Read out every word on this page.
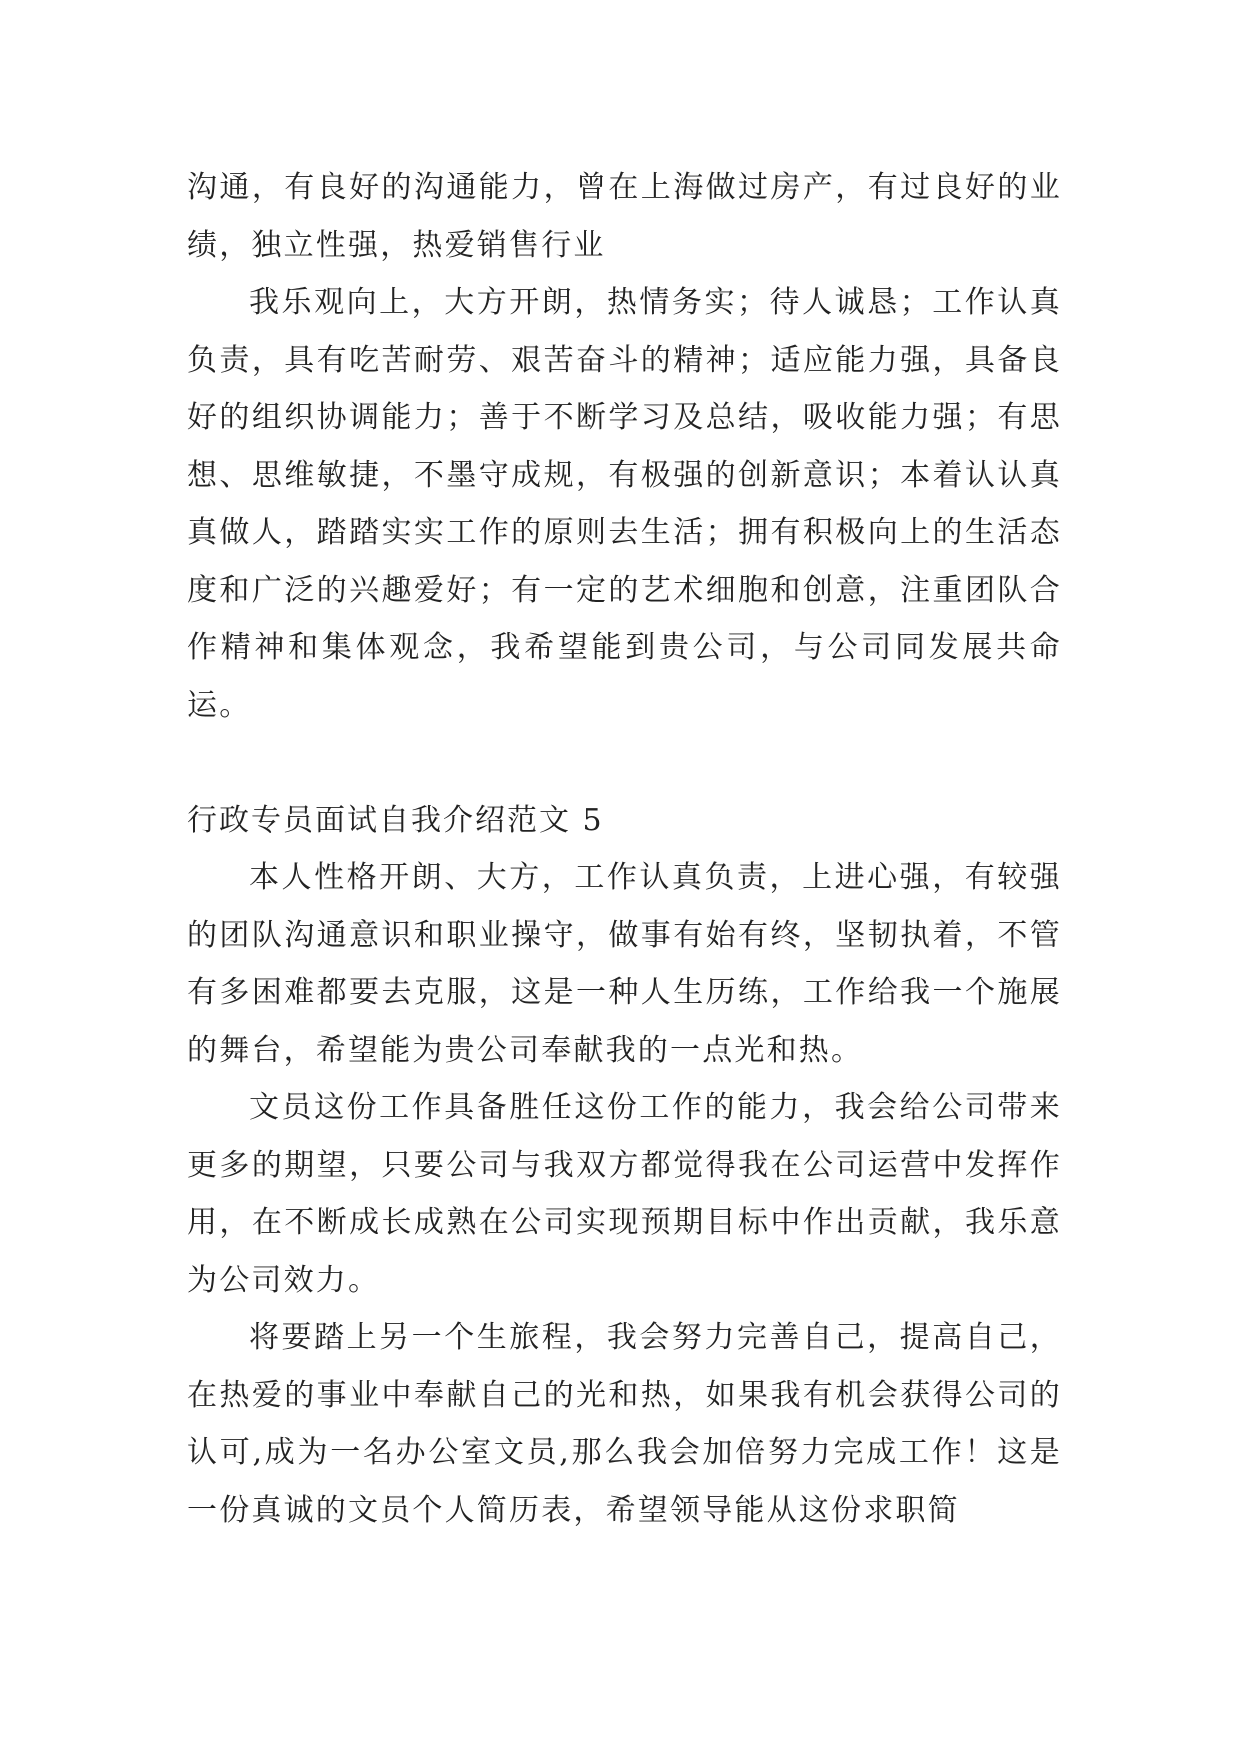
沟通，有良好的沟通能力，曾在上海做过房产，有过良好的业绩，独立性强，热爱销售行业

我乐观向上，大方开朗，热情务实；待人诚恳；工作认真负责，具有吃苦耐劳、艰苦奋斗的精神；适应能力强，具备良好的组织协调能力；善于不断学习及总结，吸收能力强；有思想、思维敏捷，不墨守成规，有极强的创新意识；本着认认真真做人，踏踏实实工作的原则去生活；拥有积极向上的生活态度和广泛的兴趣爱好；有一定的艺术细胞和创意，注重团队合作精神和集体观念，我希望能到贵公司，与公司同发展共命运。

行政专员面试自我介绍范文 5

本人性格开朗、大方，工作认真负责，上进心强，有较强的团队沟通意识和职业操守，做事有始有终，坚韧执着，不管有多困难都要去克服，这是一种人生历练，工作给我一个施展的舞台，希望能为贵公司奉献我的一点光和热。

文员这份工作具备胜任这份工作的能力，我会给公司带来更多的期望，只要公司与我双方都觉得我在公司运营中发挥作用，在不断成长成熟在公司实现预期目标中作出贡献，我乐意为公司效力。

将要踏上另一个生旅程，我会努力完善自己，提高自己，在热爱的事业中奉献自己的光和热，如果我有机会获得公司的认可,成为一名办公室文员,那么我会加倍努力完成工作！这是一份真诚的文员个人简历表，希望领导能从这份求职简
